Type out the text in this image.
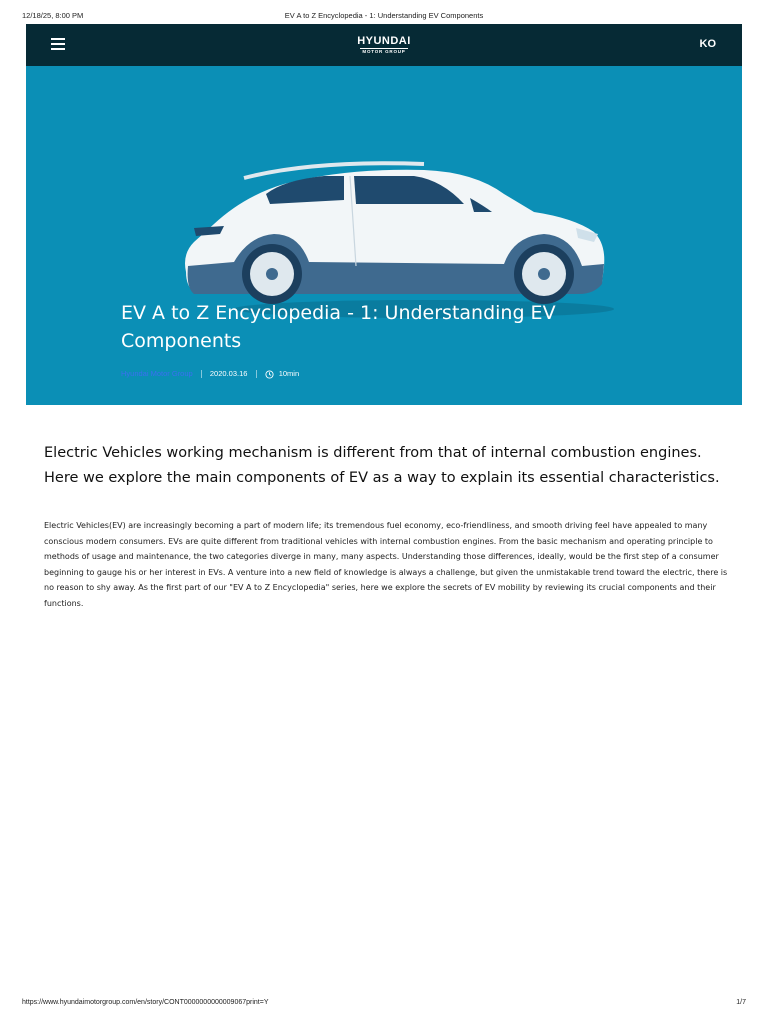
12/18/25, 8:00 PM	EV A to Z Encyclopedia - 1: Understanding EV Components
HYUNDAI
MOTOR GROUP
KO
EV A to Z Encyclopedia - 1: Understanding EV Components
Hyundai Motor Group 2020.03.16	10min

Electric Vehicles working mechanism is different from that of internal combustion engines. Here we explore the main components of EV as a way to explain its essential characteristics.

Electric Vehicles(EV) are increasingly becoming a part of modern life; its tremendous fuel economy, eco-friendliness, and smooth driving feel have appealed to many conscious modern consumers. EVs are quite different from traditional vehicles with internal combustion engines. From the basic mechanism and operating principle to methods of usage and maintenance, the two categories diverge in many, many aspects. Understanding those differences, ideally, would be the first step of a consumer beginning to gauge his or her interest in EVs. A venture into a new field of knowledge is always a challenge, but given the unmistakable trend toward the electric, there is no reason to shy away. As the first part of our "EV A to Z Encyclopedia" series, here we explore the secrets of EV mobility by reviewing its crucial components and their functions.

https://www.hyundaimotorgroup.com/en/story/CONT0000000000009067print=Y	1/7
